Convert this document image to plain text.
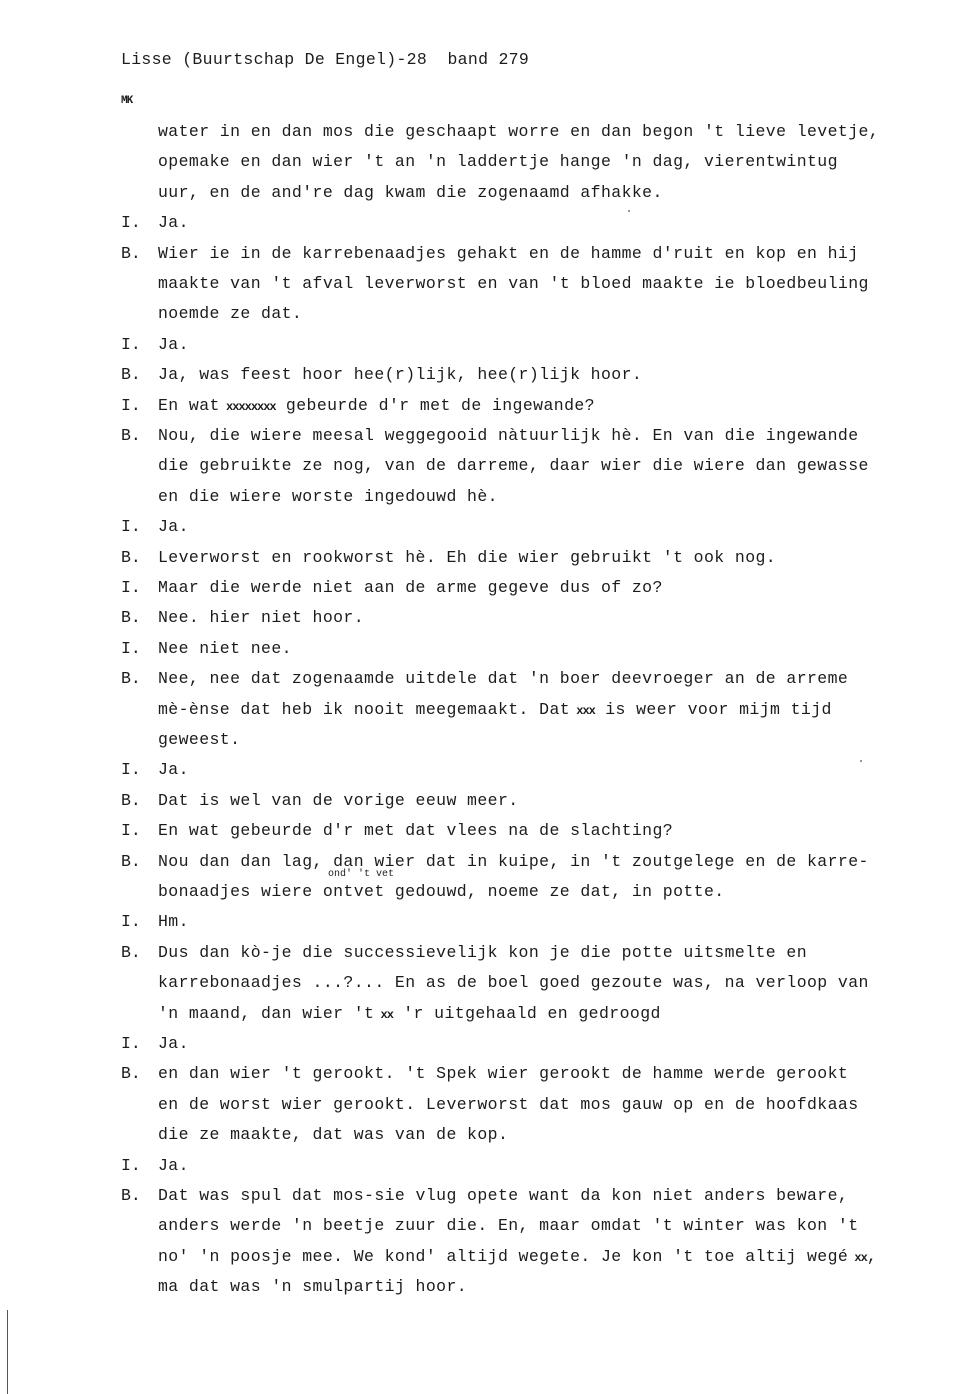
Lisse (Buurtschap De Engel)-28 band 279
MK
water in en dan mos die geschaapt worre en dan begon 't lieve levetje,
opemake en dan wier 't an 'n laddertje hange 'n dag, vierentwintug
uur, en de and're dag kwam die zogenaamd afhakke.
I. Ja.
B. Wier ie in de karrebenaadjes gehakt en de hamme d'ruit en kop en hij
maakte van 't afval leverworst en van 't bloed maakte ie bloedbeuling
noemde ze dat.
I. Ja.
B. Ja, was feest hoor hee(r)lijk, hee(r)lijk hoor.
I. En wat xxxxxxxx gebeurde d'r met de ingewande?
B. Nou, die wiere meesal weggegooid nàtuurlijk hè. En van die ingewande
die gebruikte ze nog, van de darreme, daar wier die wiere dan gewasse
en die wiere worste ingedouwd hè.
I. Ja.
B. Leverworst en rookworst hè. Eh die wier gebruikt 't ook nog.
I. Maar die werde niet aan de arme gegeve dus of zo?
B. Nee. hier niet hoor.
I. Nee niet nee.
B. Nee, nee dat zogenaamde uitdele dat 'n boer deevroeger an de arreme
mè-ènse dat heb ik nooit meegemaakt. Dat xxx is weer voor mijm tijd
geweest.
I. Ja.
B. Dat is wel van de vorige eeuw meer.
I. En wat gebeurde d'r met dat vlees na de slachting?
B. Nou dan dan lag, dan wier dat in kuipe, in 't zoutgelege en de karre-
bonaadjes wiere ontvet gedouwd, noeme ze dat, in potte.
I. Hm.
B. Dus dan kò-je die successievelijk kon je die potte uitsmelte en
karrebonaadjes ...?... En as de boel goed gezoute was, na verloop van
'n maand, dan wier 't xx 'r uitgehaald en gedroogd
I. Ja.
B. en dan wier 't gerookt. 't Spek wier gerookt de hamme werde gerookt
en de worst wier gerookt. Leverworst dat mos gauw op en de hoofdkaas
die ze maakte, dat was van de kop.
I. Ja.
B. Dat was spul dat mos-sie vlug opete want da kon niet anders beware,
anders werde 'n beetje zuur die. En, maar omdat 't winter was kon 't
no' 'n poosje mee. We kond' altijd wegete. Je kon 't toe altij wegé xx,
ma dat was 'n smulpartij hoor.
ond' 't vet
